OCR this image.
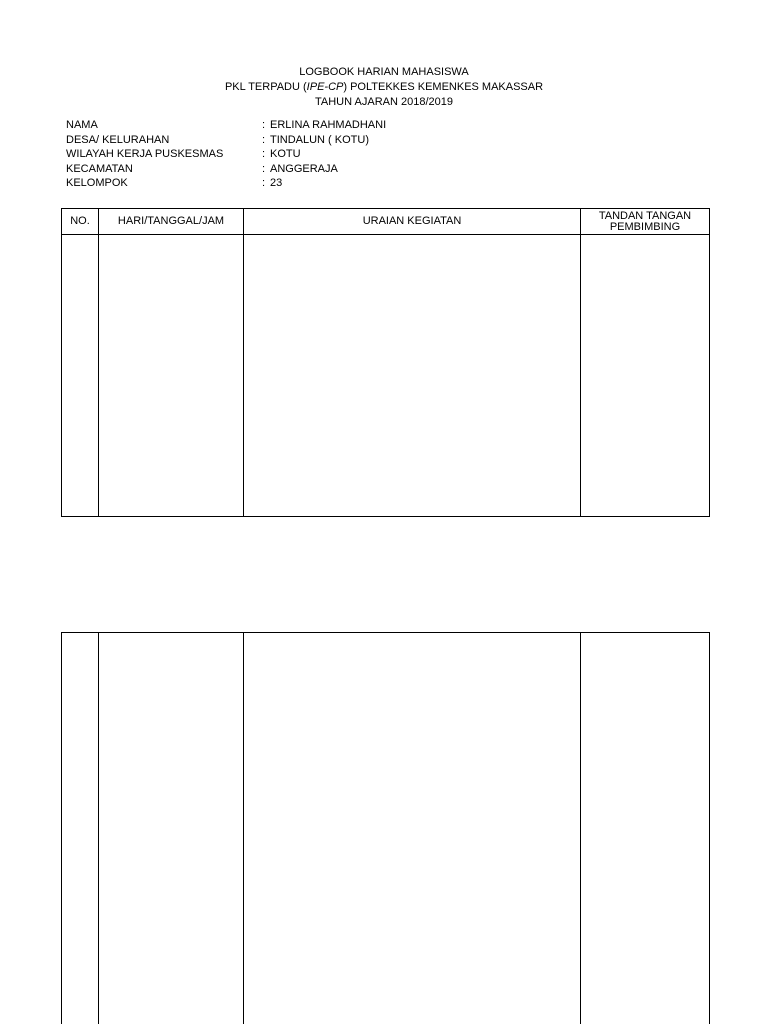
LOGBOOK HARIAN MAHASISWA
PKL TERPADU (IPE-CP) POLTEKKES KEMENKES MAKASSAR
TAHUN AJARAN 2018/2019
NAMA	: ERLINA RAHMADHANI
DESA/ KELURAHAN	: TINDALUN ( KOTU)
WILAYAH KERJA PUSKESMAS	: KOTU
KECAMATAN	: ANGGERAJA
KELOMPOK	: 23
NO.	HARI/TANGGAL/JAM	URAIAN KEGIATAN	TANDAN TANGAN PEMBIMBING
